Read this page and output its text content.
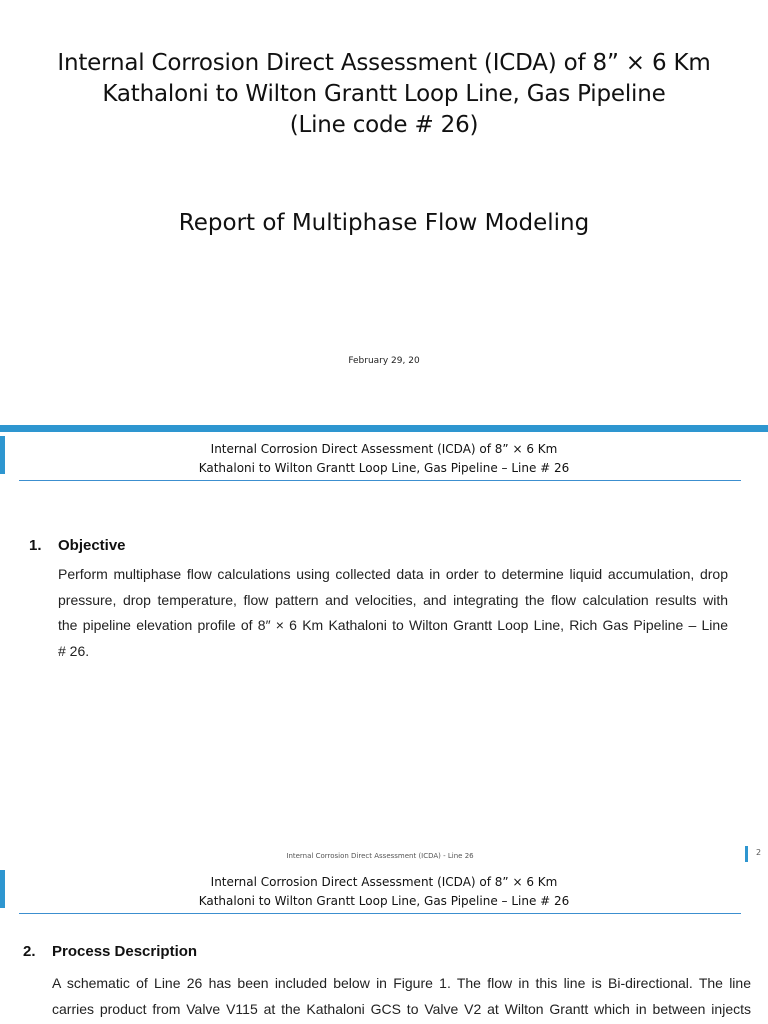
Internal Corrosion Direct Assessment (ICDA) of 8” × 6 Km
Kathaloni to Wilton Grantt Loop Line, Gas Pipeline
(Line code # 26)
Report of Multiphase Flow Modeling
February 29, 20
Internal Corrosion Direct Assessment (ICDA) of 8” × 6 Km
Kathaloni to Wilton Grantt Loop Line, Gas Pipeline – Line # 26
1. Objective
Perform multiphase flow calculations using collected data in order to determine liquid accumulation, drop
pressure, drop temperature, flow pattern and velocities, and integrating the flow calculation results with
the pipeline elevation profile of 8″ × 6 Km Kathaloni to Wilton Grantt Loop Line, Rich Gas Pipeline – Line
# 26.
Internal Corrosion Direct Assessment (ICDA) - Line 26	2
Internal Corrosion Direct Assessment (ICDA) of 8” × 6 Km
Kathaloni to Wilton Grantt Loop Line, Gas Pipeline – Line # 26
2. Process Description
A schematic of Line 26 has been included below in Figure 1. The flow in this line is Bi-directional. The line
carries product from Valve V115 at the Kathaloni GCS to Valve V2 at Wilton Grantt which in between injects
